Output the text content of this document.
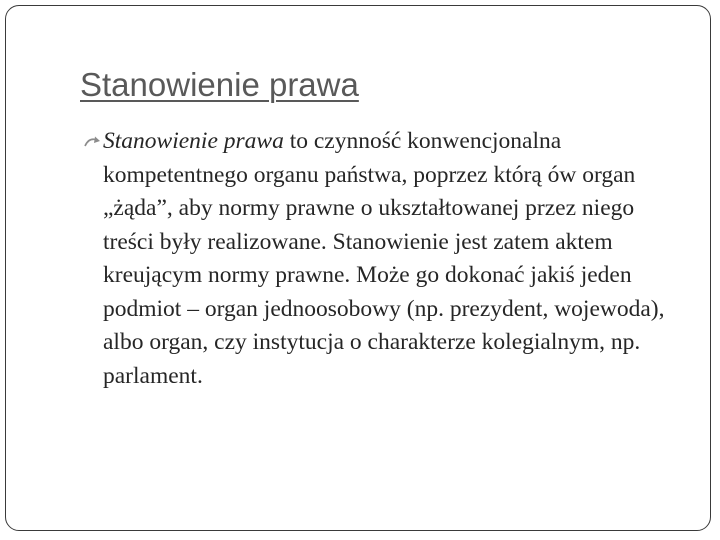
Stanowienie prawa
Stanowienie prawa to czynność konwencjonalna kompetentnego organu państwa, poprzez którą ów organ „żąda”, aby normy prawne o ukształtowanej przez niego treści były realizowane. Stanowienie jest zatem aktem kreującym normy prawne. Może go dokonać jakiś jeden podmiot – organ jednoosobowy (np. prezydent, wojewoda), albo organ, czy instytucja o charakterze kolegialnym, np. parlament.
